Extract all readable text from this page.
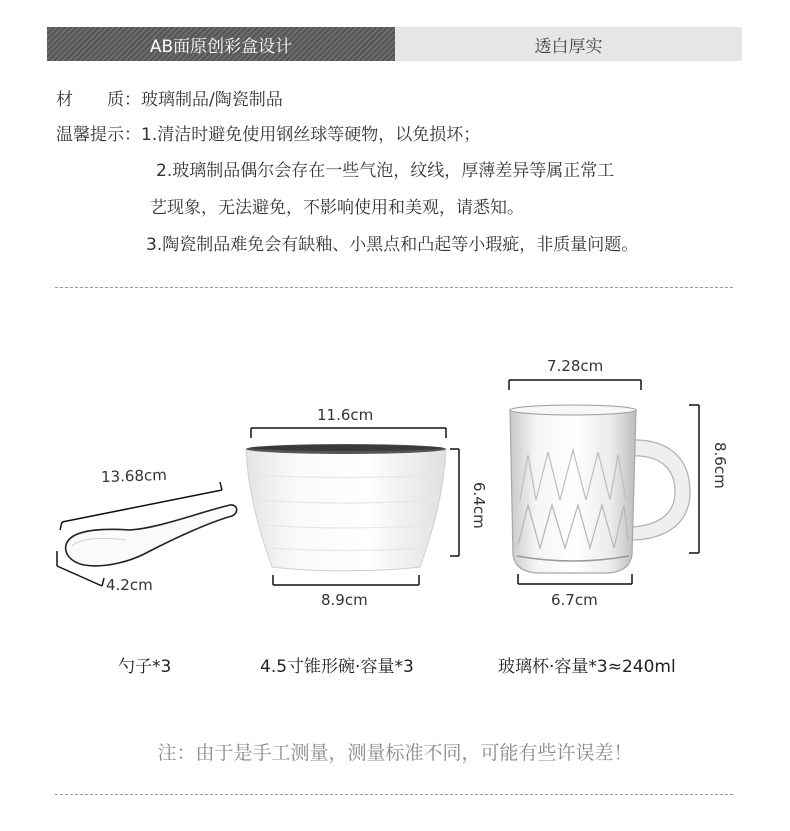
AB面原创彩盒设计	透白厚实
材　　质：玻璃制品/陶瓷制品
温馨提示：1.清洁时避免使用钢丝球等硬物，以免损坏；
2.玻璃制品偶尔会存在一些气泡，纹线，厚薄差异等属正常工
艺现象，无法避免，不影响使用和美观，请悉知。
3.陶瓷制品难免会有缺釉、小黑点和凸起等小瑕疵，非质量问题。
13.68cm
4.2cm
11.6cm
6.4cm
8.9cm
7.28cm
8.6cm
6.7cm
勺子*3	4.5寸锥形碗·容量*3	玻璃杯·容量*3≈240ml
注：由于是手工测量，测量标准不同，可能有些许误差！
